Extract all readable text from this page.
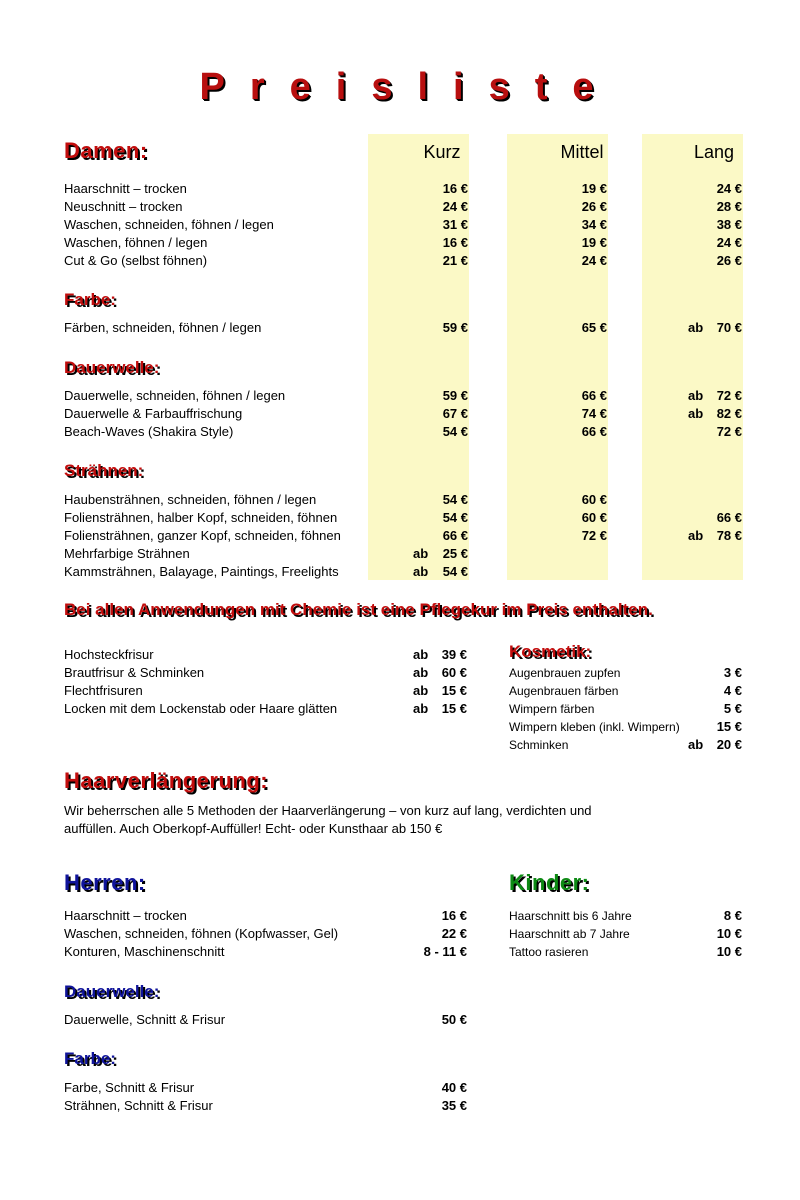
Preisliste
Kurz	Mittel	Lang
Damen:
Haarschnitt – trocken	16 €	19 €	24 €
Neuschnitt – trocken	24 €	26 €	28 €
Waschen, schneiden, föhnen / legen	31 €	34 €	38 €
Waschen, föhnen / legen	16 €	19 €	24 €
Cut & Go (selbst föhnen)	21 €	24 €	26 €
Farbe:
Färben, schneiden, föhnen / legen	59 €	65 €	ab	70 €
Dauerwelle:
Dauerwelle, schneiden, föhnen / legen	59 €	66 €	ab	72 €
Dauerwelle & Farbauffrischung	67 €	74 €	ab	82 €
Beach-Waves (Shakira Style)	54 €	66 €	72 €
Strähnen:
Haubensträhnen, schneiden, föhnen / legen	54 €	60 €
Foliensträhnen, halber Kopf, schneiden, föhnen	54 €	60 €	66 €
Foliensträhnen, ganzer Kopf, schneiden, föhnen	66 €	72 €	ab	78 €
Mehrfarbige Strähnen	ab	25 €
Kammsträhnen, Balayage, Paintings, Freelights	ab	54 €
Bei allen Anwendungen mit Chemie ist eine Pflegekur im Preis enthalten.
Hochsteckfrisur	ab 39 €
Brautfrisur & Schminken	ab 60 €
Flechtfrisuren	ab 15 €
Locken mit dem Lockenstab oder Haare glätten	ab 15 €
Kosmetik:
Augenbrauen zupfen	3 €
Augenbrauen färben	4 €
Wimpern färben	5 €
Wimpern kleben (inkl. Wimpern)	15 €
Schminken	ab 20 €
Haarverlängerung:
Wir beherrschen alle 5 Methoden der Haarverlängerung – von kurz auf lang, verdichten und
auffüllen. Auch Oberkopf-Auffüller! Echt- oder Kunsthaar ab 150 €
Herren:
Haarschnitt – trocken	16 €
Waschen, schneiden, föhnen (Kopfwasser, Gel)	22 €
Konturen, Maschinenschnitt	8 - 11 €
Dauerwelle:
Dauerwelle, Schnitt & Frisur	50 €
Farbe:
Farbe, Schnitt & Frisur	40 €
Strähnen, Schnitt & Frisur	35 €
Kinder:
Haarschnitt bis 6 Jahre	8 €
Haarschnitt ab 7 Jahre	10 €
Tattoo rasieren	10 €
